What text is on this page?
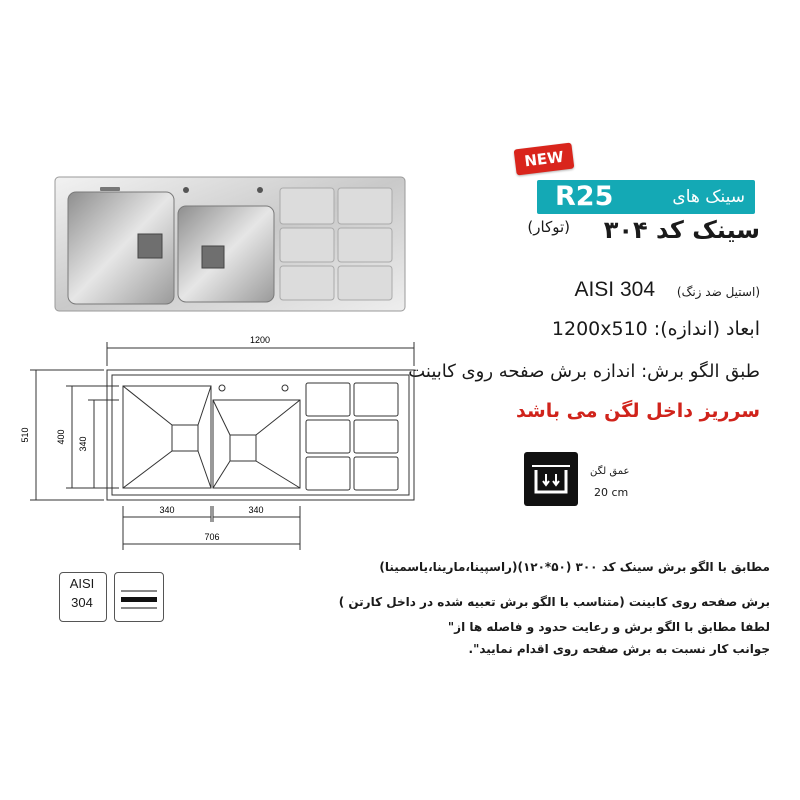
R25	سینک های
NEW
سینک کد ۳۰۴
(توکار)
AISI 304 (استیل ضد زنگ)
1200x510 :ابعاد (اندازه)
طبق الگو برش: اندازه برش صفحه روی کابینت
سرریز داخل لگن می باشد
عمق لگن
20 cm
1200
510	400 340
340	340
706
AISI
304
مطابق با الگو برش سینک کد ۳۰۰ (۵۰*۱۲۰)(راسپینا،مارینا،یاسمینا)
برش صفحه روی کابینت (متناسب با الگو برش تعبیه شده در داخل کارتن )
لطفا مطابق با الگو برش و رعایت حدود و فاصله ها از"
جوانب کار نسبت به برش صفحه روی اقدام نمایید".
